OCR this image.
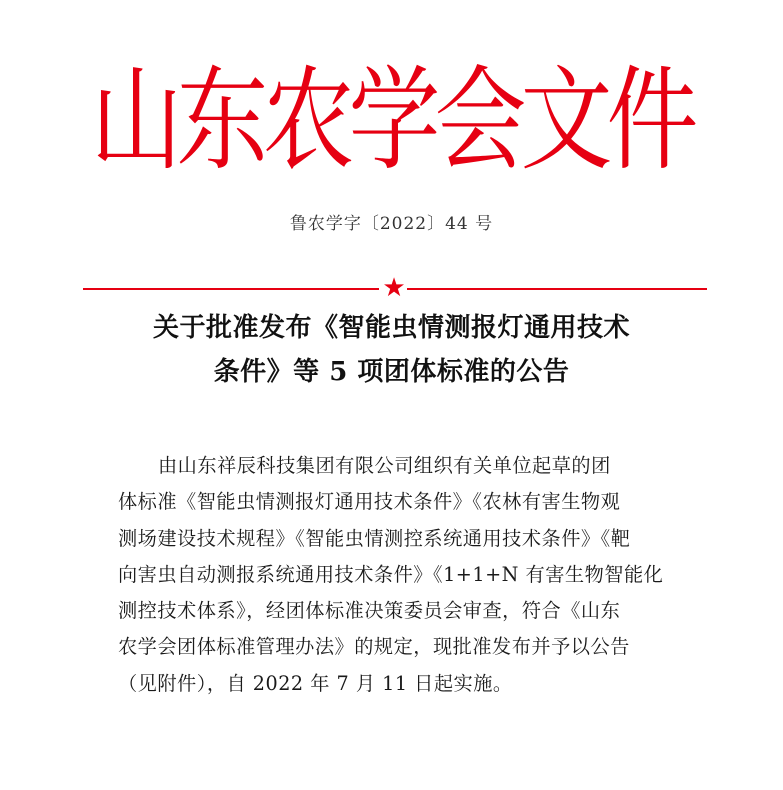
山东农学会文件
鲁农学字〔2022〕44 号
★
关于批准发布《智能虫情测报灯通用技术
条件》等 5 项团体标准的公告
由山东祥辰科技集团有限公司组织有关单位起草的团
体标准《智能虫情测报灯通用技术条件》《农林有害生物观
测场建设技术规程》《智能虫情测控系统通用技术条件》《靶
向害虫自动测报系统通用技术条件》《1+1+N 有害生物智能化
测控技术体系》，经团体标准决策委员会审查，符合《山东
农学会团体标准管理办法》的规定，现批准发布并予以公告
（见附件），自 2022 年 7 月 11 日起实施。
